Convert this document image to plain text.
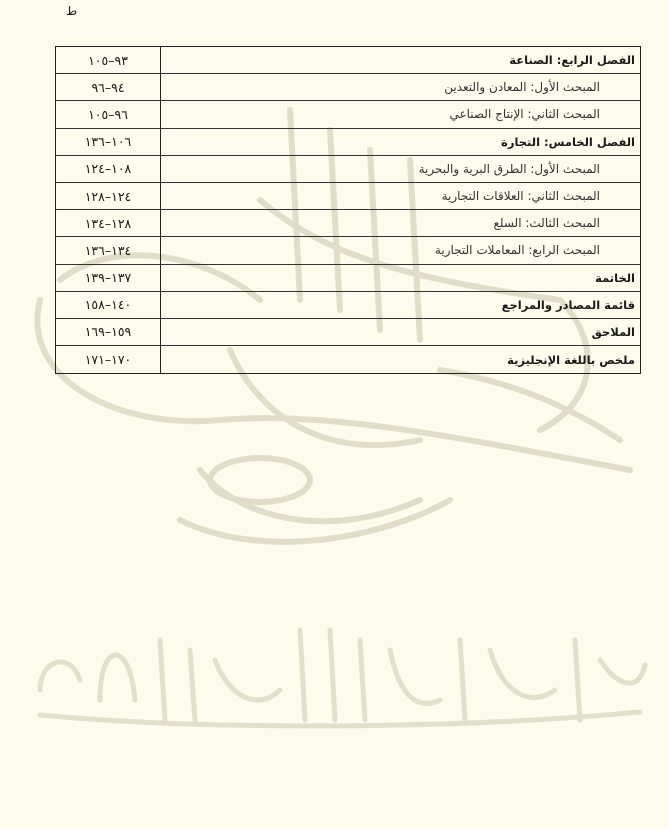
ط
الفصل الرابع: الصناعة
٩٣–١٠٥
المبحث الأول: المعادن والتعدين
٩٤–٩٦
المبحث الثاني: الإنتاج الصناعي
٩٦–١٠٥
الفصل الخامس: التجارة
١٠٦–١٣٦
المبحث الأول: الطرق البرية والبحرية
١٠٨–١٢٤
المبحث الثاني: العلاقات التجارية
١٢٤–١٢٨
المبحث الثالث: السلع
١٢٨–١٣٤
المبحث الرابع: المعاملات التجارية
١٣٤–١٣٦
الخاتمة
١٣٧–١٣٩
قائمة المصادر والمراجع
١٤٠–١٥٨
الملاحق
١٥٩–١٦٩
ملخص باللغة الإنجليزية
١٧٠–١٧١
